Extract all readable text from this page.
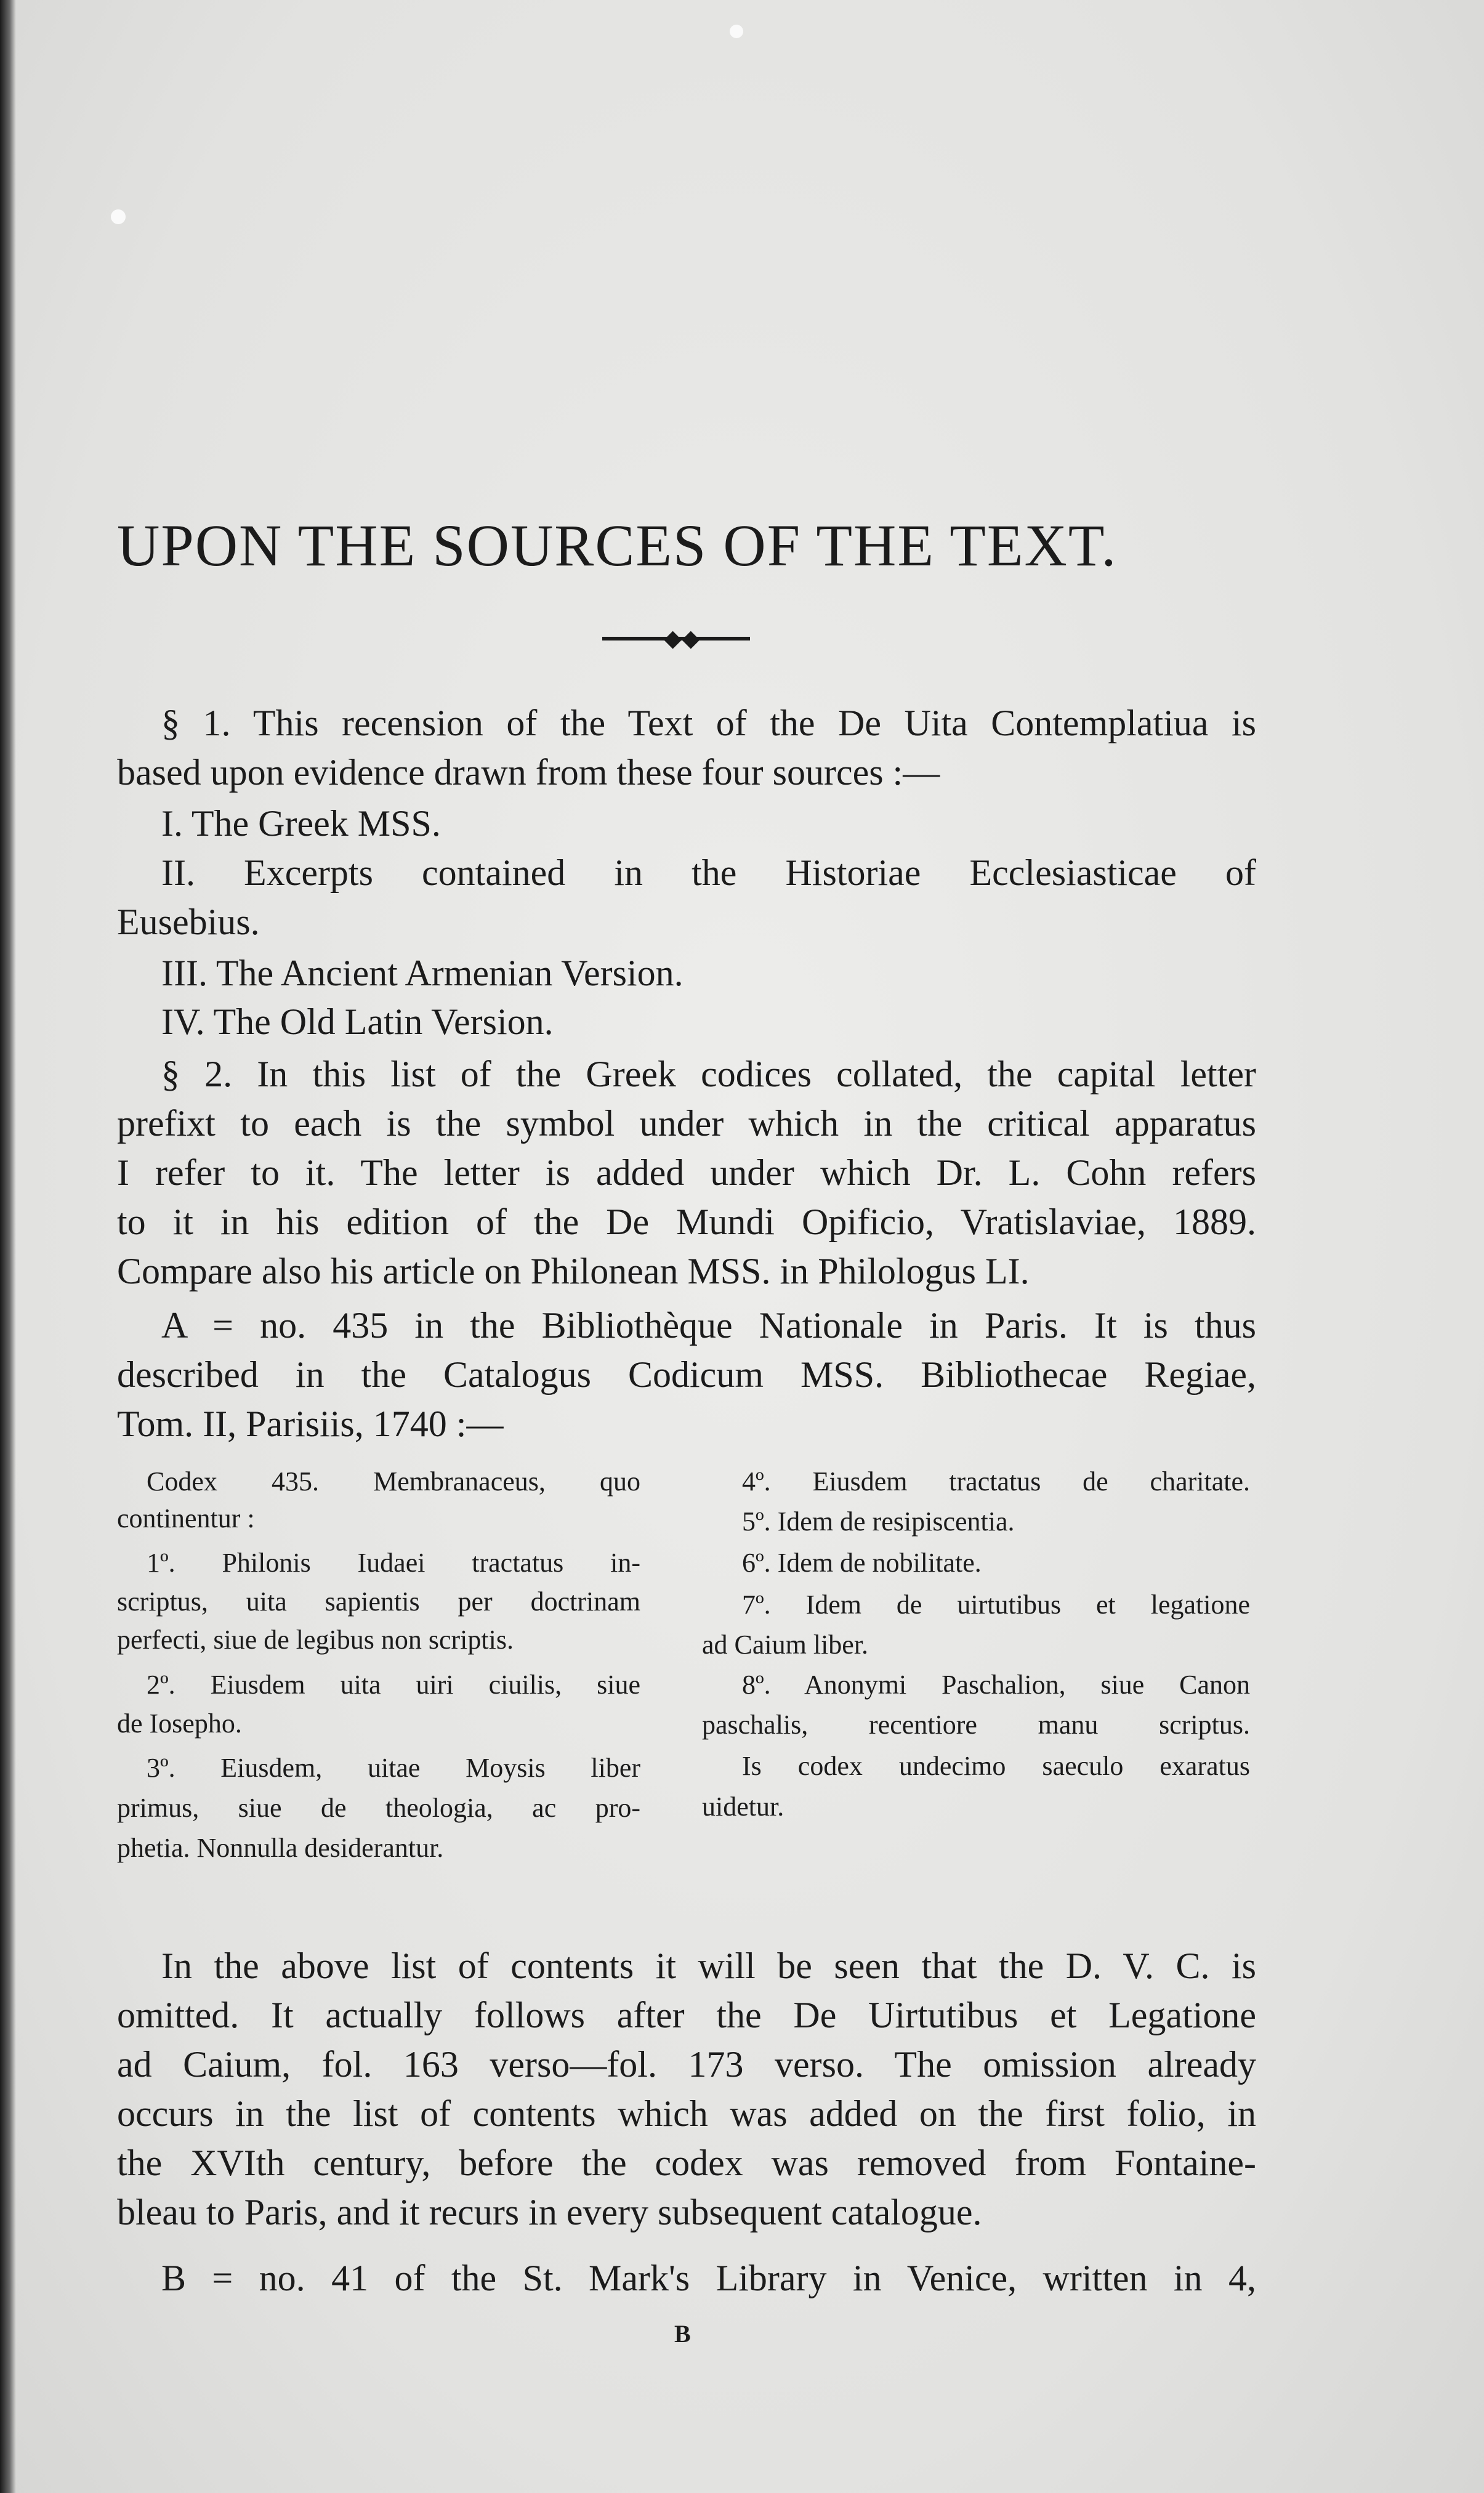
UPON THE SOURCES OF THE TEXT.
◆◆
§ 1. This recension of the Text of the De Uita Contemplatiua is
based upon evidence drawn from these four sources :—
I. The Greek MSS.
II. Excerpts contained in the Historiae Ecclesiasticae of
Eusebius.
III. The Ancient Armenian Version.
IV. The Old Latin Version.
§ 2. In this list of the Greek codices collated, the capital letter
prefixt to each is the symbol under which in the critical apparatus
I refer to it. The letter is added under which Dr. L. Cohn refers
to it in his edition of the De Mundi Opificio, Vratislaviae, 1889.
Compare also his article on Philonean MSS. in Philologus LI.
A = no. 435 in the Bibliothèque Nationale in Paris. It is thus
described in the Catalogus Codicum MSS. Bibliothecae Regiae,
Tom. II, Parisiis, 1740 :—
Codex 435. Membranaceus, quo
continentur :
1º. Philonis Iudaei tractatus in-
scriptus, uita sapientis per doctrinam
perfecti, siue de legibus non scriptis.
2º. Eiusdem uita uiri ciuilis, siue
de Iosepho.
3º. Eiusdem, uitae Moysis liber
primus, siue de theologia, ac pro-
phetia. Nonnulla desiderantur.
4º. Eiusdem tractatus de charitate.
5º. Idem de resipiscentia.
6º. Idem de nobilitate.
7º. Idem de uirtutibus et legatione
ad Caium liber.
8º. Anonymi Paschalion, siue Canon
paschalis, recentiore manu scriptus.
Is codex undecimo saeculo exaratus
uidetur.
In the above list of contents it will be seen that the D. V. C. is
omitted. It actually follows after the De Uirtutibus et Legatione
ad Caium, fol. 163 verso—fol. 173 verso. The omission already
occurs in the list of contents which was added on the first folio, in
the XVIth century, before the codex was removed from Fontaine-
bleau to Paris, and it recurs in every subsequent catalogue.
B = no. 41 of the St. Mark's Library in Venice, written in 4,
B
